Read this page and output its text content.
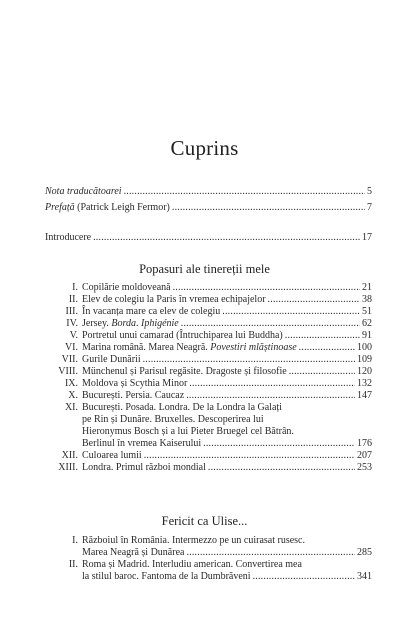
Cuprins
Nota traducătoarei .....	5
Prefață (Patrick Leigh Fermor) .....	7
Introducere .....	17
Popasuri ale tinereții mele
I. Copilărie moldoveană .....	21
II. Elev de colegiu la Paris în vremea echipajelor .....	38
III. În vacanța mare ca elev de colegiu .....	51
IV. Jersey. Borda. Iphigénie .....	62
V. Portretul unui camarad (Întruchiparea lui Buddha) .....	91
VI. Marina română. Marea Neagră. Povestiri mlăștinoase .....	100
VII. Gurile Dunării .....	109
VIII. Münchenul și Parisul regăsite. Dragoste și filosofie .....	120
IX. Moldova și Scythia Minor .....	132
X. București. Persia. Caucaz .....	147
XI. București. Posada. Londra. De la Londra la Galați
pe Rin și Dunăre. Bruxelles. Descoperirea lui
Hieronymus Bosch și a lui Pieter Bruegel cel Bătrân.
Berlinul în vremea Kaiserului .....	176
XII. Culoarea lumii .....	207
XIII. Londra. Primul război mondial .....	253
Fericit ca Ulise...
I. Războiul în România. Intermezzo pe un cuirasat rusesc.
Marea Neagră și Dunărea .....	285
II. Roma și Madrid. Interludiu american. Convertirea mea
la stilul baroc. Fantoma de la Dumbrăveni .....	341
